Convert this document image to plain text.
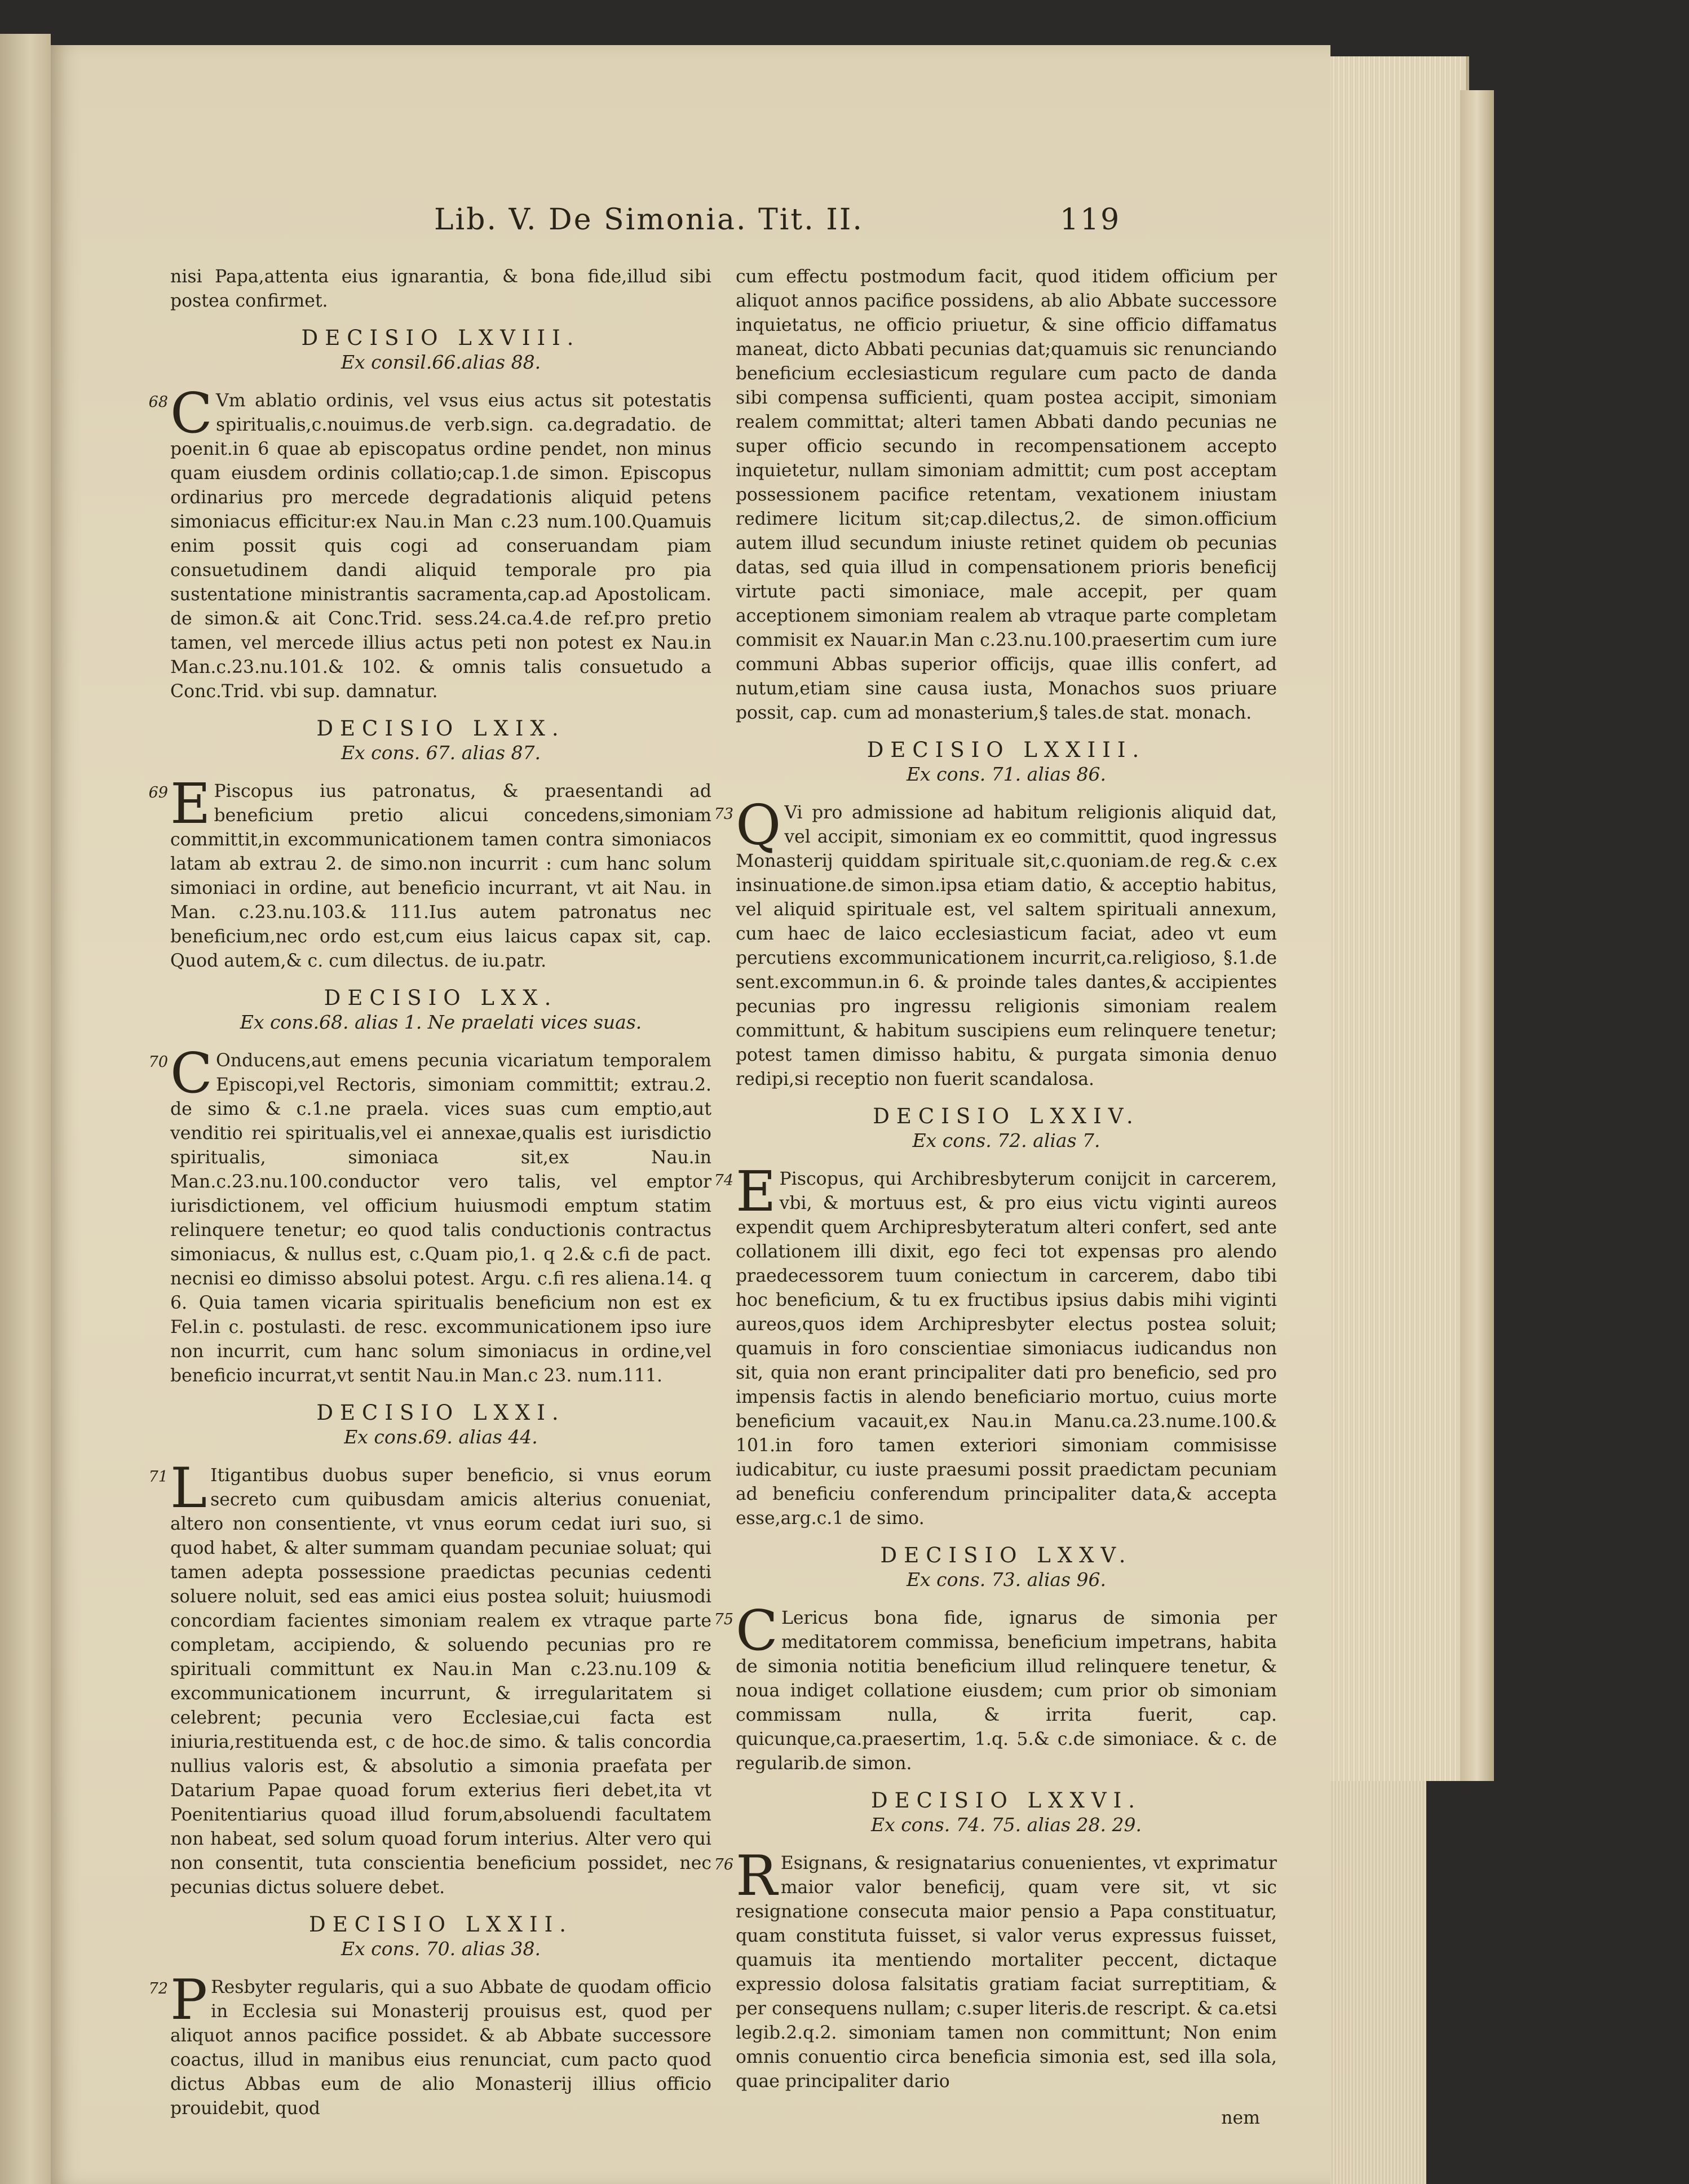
Lib. V. De Simonia. Tit. II.	119

nisi Papa,attenta eius ignarantia, & bona fide,illud sibi postea confirmet.

DECISIO LXVIII.
Ex consil.66.alias 88.
68 C Vm ablatio ordinis, vel vsus eius actus sit potestatis spiritualis,c.nouimus.de verb.sign. ca.degradatio. de poenit.in 6 quae ab episcopatus ordine pendet, non minus quam eiusdem ordinis collatio;cap.1.de simon. Episcopus ordinarius pro mercede degradationis aliquid petens simoniacus efficitur:ex Nau.in Man c.23 num.100.Quamuis enim possit quis cogi ad conseruandam piam consuetudinem dandi aliquid temporale pro pia sustentatione ministrantis sacramenta,cap.ad Apostolicam. de simon.& ait Conc.Trid. sess.24.ca.4.de ref.pro pretio tamen, vel mercede illius actus peti non potest ex Nau.in Man.c.23.nu.101.& 102. & omnis talis consuetudo a Conc.Trid. vbi sup. damnatur.

DECISIO LXIX.
Ex cons. 67. alias 87.
69 E Piscopus ius patronatus, & praesentandi ad beneficium pretio alicui concedens,simoniam committit,in excommunicationem tamen contra simoniacos latam ab extrau 2. de simo.non incurrit : cum hanc solum simoniaci in ordine, aut beneficio incurrant, vt ait Nau. in Man. c.23.nu.103.& 111.Ius autem patronatus nec beneficium,nec ordo est,cum eius laicus capax sit, cap. Quod autem,& c. cum dilectus. de iu.patr.

DECISIO LXX.
Ex cons.68. alias 1. Ne praelati vices suas.
70 C Onducens,aut emens pecunia vicariatum temporalem Episcopi,vel Rectoris, simoniam committit; extrau.2. de simo & c.1.ne praela. vices suas cum emptio,aut venditio rei spiritualis,vel ei annexae,qualis est iurisdictio spiritualis, simoniaca sit,ex Nau.in Man.c.23.nu.100.conductor vero talis, vel emptor iurisdictionem, vel officium huiusmodi emptum statim relinquere tenetur; eo quod talis conductionis contractus simoniacus, & nullus est, c.Quam pio,1. q 2.& c.fi de pact. necnisi eo dimisso absolui potest. Argu. c.fi res aliena.14. q 6. Quia tamen vicaria spiritualis beneficium non est ex Fel.in c. postulasti. de resc. excommunicationem ipso iure non incurrit, cum hanc solum simoniacus in ordine,vel beneficio incurrat,vt sentit Nau.in Man.c 23. num.111.

DECISIO LXXI.
Ex cons.69. alias 44.
71 L Itigantibus duobus super beneficio, si vnus eorum secreto cum quibusdam amicis alterius conueniat, altero non consentiente, vt vnus eorum cedat iuri suo, si quod habet, & alter summam quandam pecuniae soluat; qui tamen adepta possessione praedictas pecunias cedenti soluere noluit, sed eas amici eius postea soluit; huiusmodi concordiam facientes simoniam realem ex vtraque parte completam, accipiendo, & soluendo pecunias pro re spirituali committunt ex Nau.in Man c.23.nu.109 & excommunicationem incurrunt, & irregularitatem si celebrent; pecunia vero Ecclesiae,cui facta est iniuria,restituenda est, c de hoc.de simo. & talis concordia nullius valoris est, & absolutio a simonia praefata per Datarium Papae quoad forum exterius fieri debet,ita vt Poenitentiarius quoad illud forum,absoluendi facultatem non habeat, sed solum quoad forum interius. Alter vero qui non consentit, tuta conscientia beneficium possidet, nec pecunias dictus soluere debet.

DECISIO LXXII.
Ex cons. 70. alias 38.
72 P Resbyter regularis, qui a suo Abbate de quodam officio in Ecclesia sui Monasterij prouisus est, quod per aliquot annos pacifice possidet. & ab Abbate successore coactus, illud in manibus eius renunciat, cum pacto quod dictus Abbas eum de alio Monasterij illius officio prouidebit, quod

cum effectu postmodum facit, quod itidem officium per aliquot annos pacifice possidens, ab alio Abbate successore inquietatus, ne officio priuetur, & sine officio diffamatus maneat, dicto Abbati pecunias dat;quamuis sic renunciando beneficium ecclesiasticum regulare cum pacto de danda sibi compensa sufficienti, quam postea accipit, simoniam realem committat; alteri tamen Abbati dando pecunias ne super officio secundo in recompensationem accepto inquietetur, nullam simoniam admittit; cum post acceptam possessionem pacifice retentam, vexationem iniustam redimere licitum sit;cap.dilectus,2. de simon.officium autem illud secundum iniuste retinet quidem ob pecunias datas, sed quia illud in compensationem prioris beneficij virtute pacti simoniace, male accepit, per quam acceptionem simoniam realem ab vtraque parte completam commisit ex Nauar.in Man c.23.nu.100.praesertim cum iure communi Abbas superior officijs, quae illis confert, ad nutum,etiam sine causa iusta, Monachos suos priuare possit, cap. cum ad monasterium,§ tales.de stat. monach.

DECISIO LXXIII.
Ex cons. 71. alias 86.
73 Q Vi pro admissione ad habitum religionis aliquid dat, vel accipit, simoniam ex eo committit, quod ingressus Monasterij quiddam spirituale sit,c.quoniam.de reg.& c.ex insinuatione.de simon.ipsa etiam datio, & acceptio habitus, vel aliquid spirituale est, vel saltem spirituali annexum, cum haec de laico ecclesiasticum faciat, adeo vt eum percutiens excommunicationem incurrit,ca.religioso, §.1.de sent.excommun.in 6. & proinde tales dantes,& accipientes pecunias pro ingressu religionis simoniam realem committunt, & habitum suscipiens eum relinquere tenetur; potest tamen dimisso habitu, & purgata simonia denuo redipi,si receptio non fuerit scandalosa.

DECISIO LXXIV.
Ex cons. 72. alias 7.
74 E Piscopus, qui Archibresbyterum conijcit in carcerem, vbi, & mortuus est, & pro eius victu viginti aureos expendit quem Archipresbyteratum alteri confert, sed ante collationem illi dixit, ego feci tot expensas pro alendo praedecessorem tuum coniectum in carcerem, dabo tibi hoc beneficium, & tu ex fructibus ipsius dabis mihi viginti aureos,quos idem Archipresbyter electus postea soluit; quamuis in foro conscientiae simoniacus iudicandus non sit, quia non erant principaliter dati pro beneficio, sed pro impensis factis in alendo beneficiario mortuo, cuius morte beneficium vacauit,ex Nau.in Manu.ca.23.nume.100.& 101.in foro tamen exteriori simoniam commisisse iudicabitur, cu iuste praesumi possit praedictam pecuniam ad beneficiu conferendum principaliter data,& accepta esse,arg.c.1 de simo.

DECISIO LXXV.
Ex cons. 73. alias 96.
75 C Lericus bona fide, ignarus de simonia per meditatorem commissa, beneficium impetrans, habita de simonia notitia beneficium illud relinquere tenetur, & noua indiget collatione eiusdem; cum prior ob simoniam commissam nulla, & irrita fuerit, cap. quicunque,ca.praesertim, 1.q. 5.& c.de simoniace. & c. de regularib.de simon.

DECISIO LXXVI.
Ex cons. 74. 75. alias 28. 29.
76 R Esignans, & resignatarius conuenientes, vt exprimatur maior valor beneficij, quam vere sit, vt sic resignatione consecuta maior pensio a Papa constituatur, quam constituta fuisset, si valor verus expressus fuisset, quamuis ita mentiendo mortaliter peccent, dictaque expressio dolosa falsitatis gratiam faciat surreptitiam, & per consequens nullam; c.super literis.de rescript. & ca.etsi legib.2.q.2. simoniam tamen non committunt; Non enim omnis conuentio circa beneficia simonia est, sed illa sola, quae principaliter dario

nem
